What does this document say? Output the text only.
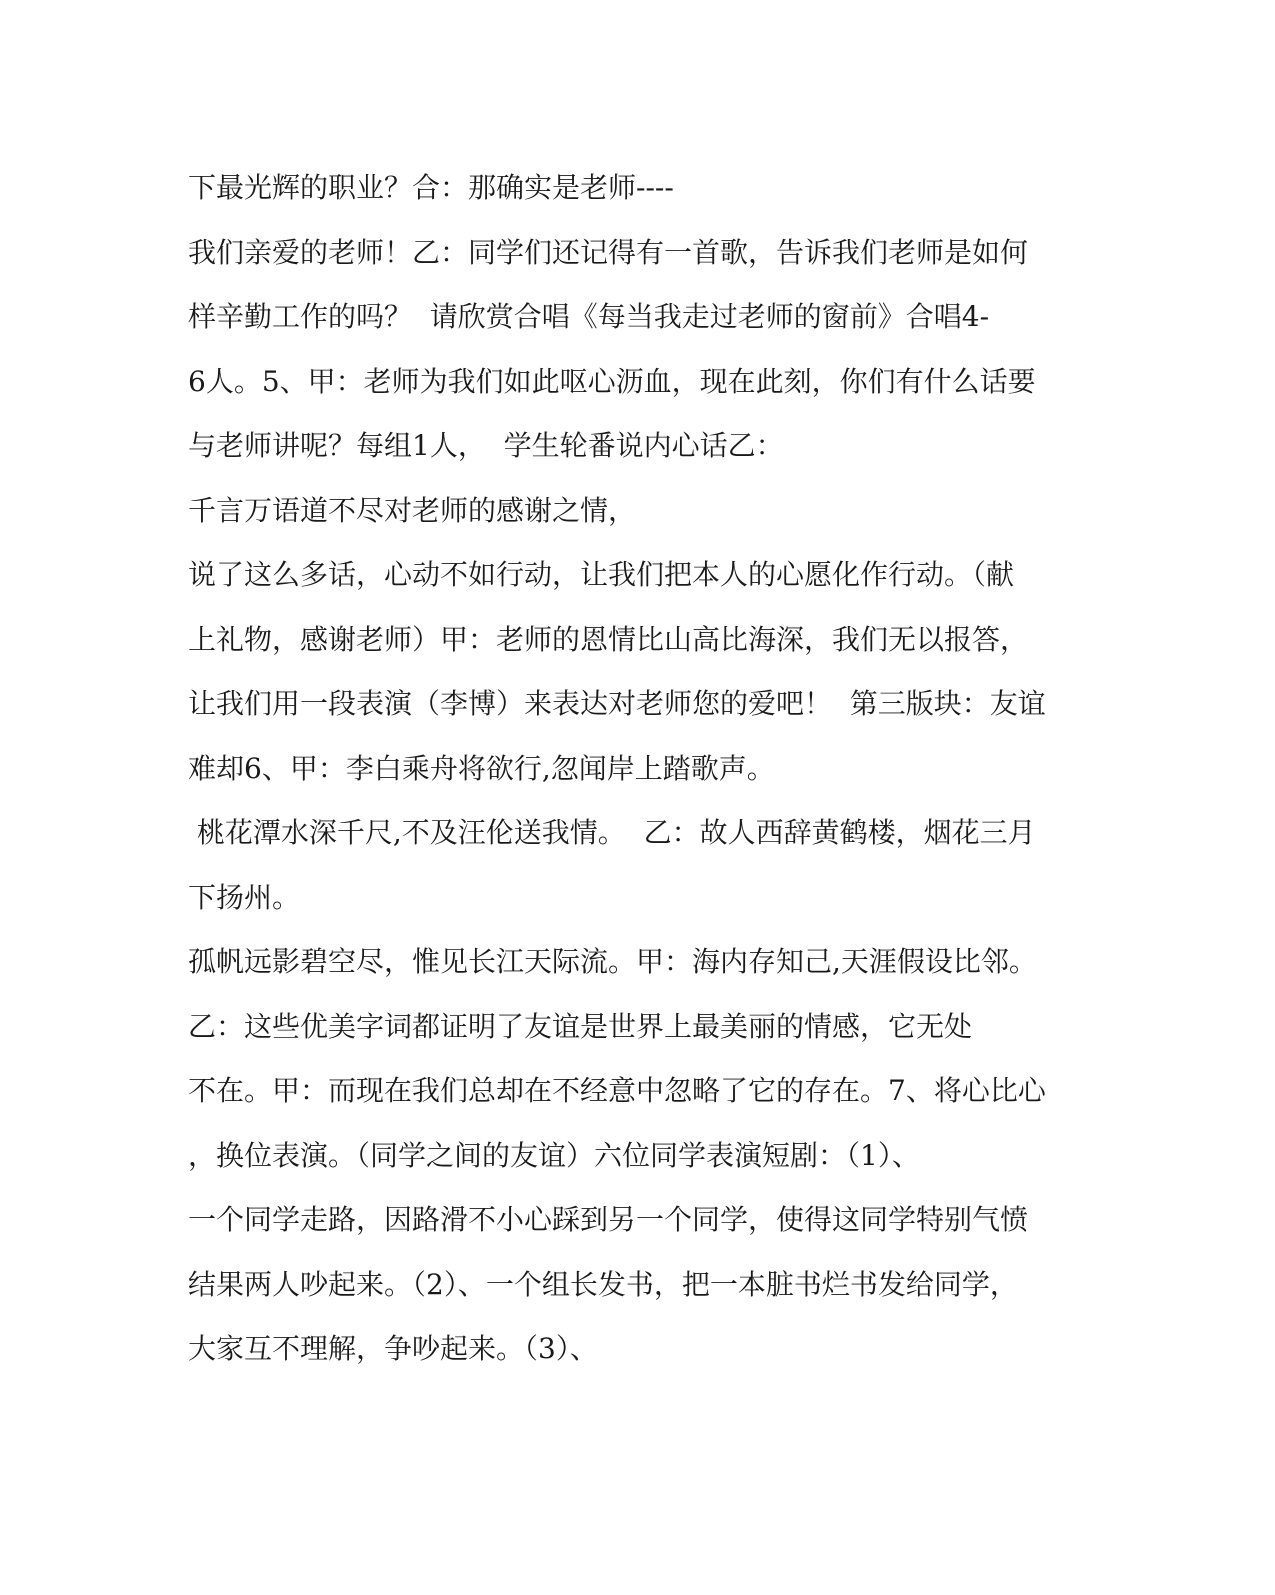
下最光辉的职业？合：那确实是老师----
我们亲爱的老师！乙：同学们还记得有一首歌，告诉我们老师是如何
样辛勤工作的吗？  请欣赏合唱《每当我走过老师的窗前》合唱4-
6人。5、甲：老师为我们如此呕心沥血，现在此刻，你们有什么话要
与老师讲呢？每组1人，  学生轮番说内心话乙：
千言万语道不尽对老师的感谢之情，
说了这么多话，心动不如行动，让我们把本人的心愿化作行动。（献
上礼物，感谢老师）甲：老师的恩情比山高比海深，我们无以报答，
让我们用一段表演（李博）来表达对老师您的爱吧！  第三版块：友谊
难却6、甲：李白乘舟将欲行,忽闻岸上踏歌声。
桃花潭水深千尺,不及汪伦送我情。  乙：故人西辞黄鹤楼，烟花三月
下扬州。
孤帆远影碧空尽，惟见长江天际流。甲：海内存知己,天涯假设比邻。
乙：这些优美字词都证明了友谊是世界上最美丽的情感，它无处
不在。甲：而现在我们总却在不经意中忽略了它的存在。7、将心比心
，换位表演。（同学之间的友谊）六位同学表演短剧：（1）、
一个同学走路，因路滑不小心踩到另一个同学，使得这同学特别气愤
结果两人吵起来。（2）、一个组长发书，把一本脏书烂书发给同学，
大家互不理解，争吵起来。（3）、
